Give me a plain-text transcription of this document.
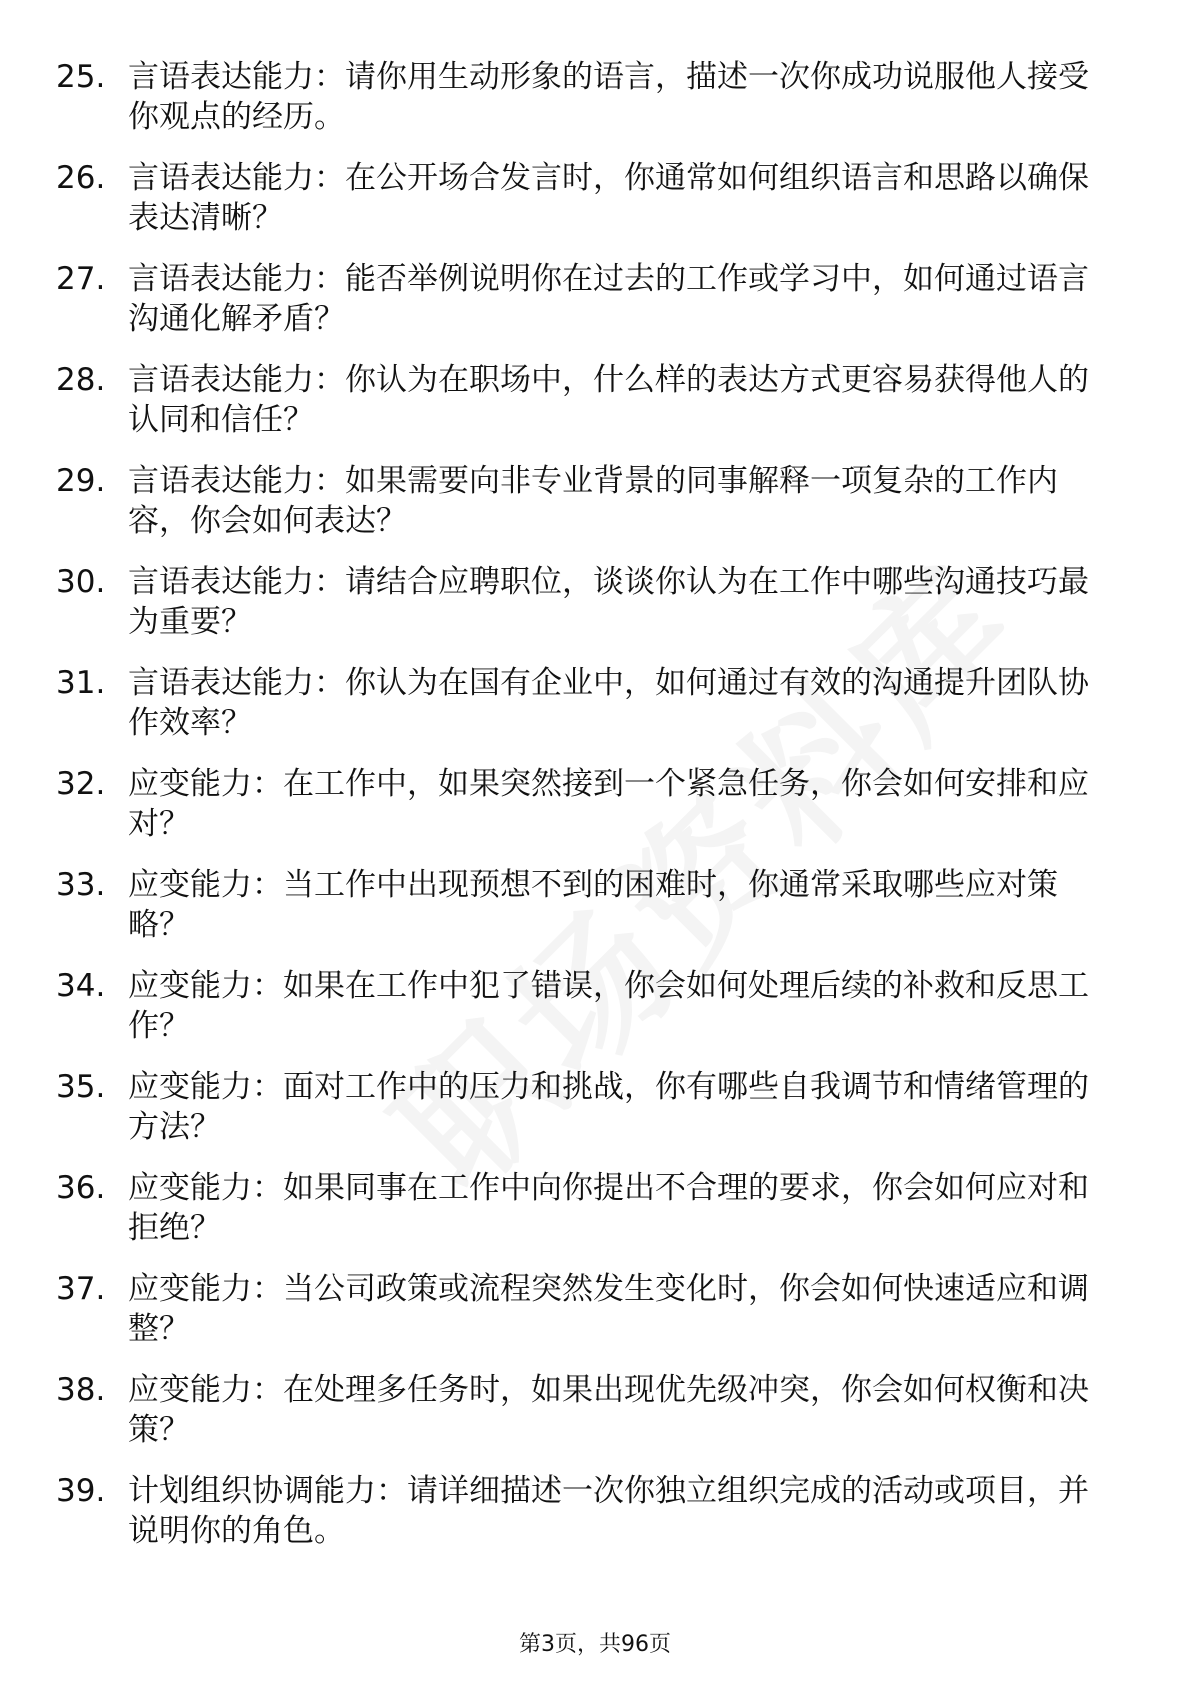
25. 言语表达能力：请你用生动形象的语言，描述一次你成功说服他人接受你观点的经历。
26. 言语表达能力：在公开场合发言时，你通常如何组织语言和思路以确保表达清晰？
27. 言语表达能力：能否举例说明你在过去的工作或学习中，如何通过语言沟通化解矛盾？
28. 言语表达能力：你认为在职场中，什么样的表达方式更容易获得他人的认同和信任？
29. 言语表达能力：如果需要向非专业背景的同事解释一项复杂的工作内容，你会如何表达？
30. 言语表达能力：请结合应聘职位，谈谈你认为在工作中哪些沟通技巧最为重要？
31. 言语表达能力：你认为在国有企业中，如何通过有效的沟通提升团队协作效率？
32. 应变能力：在工作中，如果突然接到一个紧急任务，你会如何安排和应对？
33. 应变能力：当工作中出现预想不到的困难时，你通常采取哪些应对策略？
34. 应变能力：如果在工作中犯了错误，你会如何处理后续的补救和反思工作？
35. 应变能力：面对工作中的压力和挑战，你有哪些自我调节和情绪管理的方法？
36. 应变能力：如果同事在工作中向你提出不合理的要求，你会如何应对和拒绝？
37. 应变能力：当公司政策或流程突然发生变化时，你会如何快速适应和调整？
38. 应变能力：在处理多任务时，如果出现优先级冲突，你会如何权衡和决策？
39. 计划组织协调能力：请详细描述一次你独立组织完成的活动或项目，并说明你的角色。
第3页，共96页
